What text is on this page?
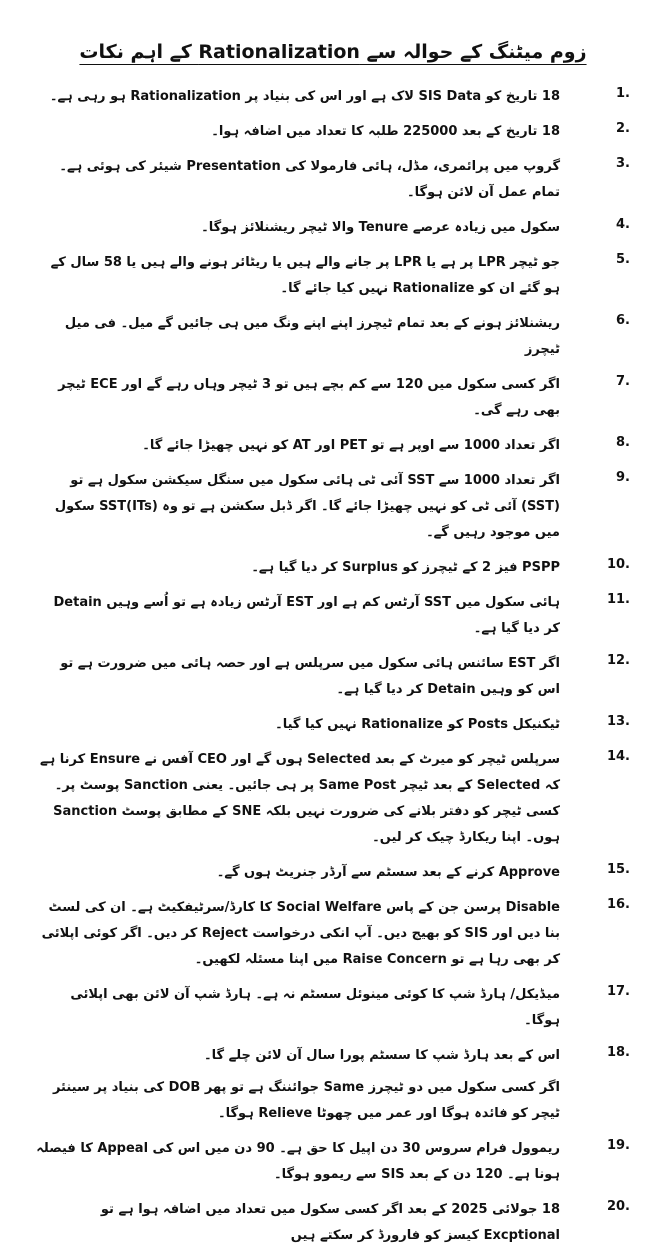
زوم میٹنگ کے حوالہ سے Rationalization کے اہم نکات
1.

18 تاریخ کو SIS Data لاک ہے اور اس کی بنیاد پر Rationalization ہو رہی ہے۔

2.

18 تاریخ کے بعد 225000 طلبہ کا تعداد میں اضافہ ہوا۔

3.

گروپ میں پرائمری، مڈل، ہائی فارمولا کی Presentation شیئر کی ہوئی ہے۔ تمام عمل آن لائن ہوگا۔

4.

سکول میں زیادہ عرصے Tenure والا ٹیچر ریشنلائز ہوگا۔

5.

جو ٹیچر LPR پر ہے یا LPR پر جانے والے ہیں یا ریٹائر ہونے والے ہیں یا 58 سال کے ہو گئے ان کو Rationalize نہیں کیا جائے گا۔

6.

ریشنلائز ہونے کے بعد تمام ٹیچرز اپنے اپنے ونگ میں ہی جائیں گے میل۔ فی میل ٹیچرز

7.

اگر کسی سکول میں 120 سے کم بچے ہیں تو 3 ٹیچر وہاں رہے گے اور ECE ٹیچر بھی رہے گی۔

8.

اگر تعداد 1000 سے اوپر ہے تو PET اور AT کو نہیں چھیڑا جائے گا۔

9.

اگر تعداد 1000 سے SST آئی ٹی ہائی سکول میں سنگل سیکشن سکول ہے تو (SST) آئی ٹی کو نہیں چھیڑا جائے گا۔ اگر ڈبل سکشن ہے تو وہ (SST(ITs سکول میں موجود رہیں گے۔

10.

PSPP فیز 2 کے ٹیچرز کو Surplus کر دیا گیا ہے۔

11.

ہائی سکول میں SST آرٹس کم ہے اور EST آرٹس زیادہ ہے تو اُسے وہیں Detain کر دیا گیا ہے۔

12.

اگر EST سائنس ہائی سکول میں سرپلس ہے اور حصہ ہائی میں ضرورت ہے تو اس کو وہیں Detain کر دیا گیا ہے۔

13.

ٹیکنیکل Posts کو Rationalize نہیں کیا گیا۔

14.

سرپلس ٹیچر کو میرٹ کے بعد Selected ہوں گے اور CEO آفس نے Ensure کرنا ہے کہ Selected کے بعد ٹیچر Same Post پر ہی جائیں۔ یعنی Sanction پوسٹ پر۔ کسی ٹیچر کو دفتر بلانے کی ضرورت نہیں بلکہ SNE کے مطابق پوسٹ Sanction ہوں۔ اپنا ریکارڈ چیک کر لیں۔

15.

Approve کرنے کے بعد سسٹم سے آرڈر جنریٹ ہوں گے۔

16.

Disable پرسن جن کے پاس Social Welfare کا کارڈ/سرٹیفکیٹ ہے۔ ان کی لسٹ بنا دیں اور SIS کو بھیج دیں۔ آپ انکی درخواست Reject کر دیں۔ اگر کوئی اپلائی کر بھی رہا ہے تو Raise Concern میں اپنا مسئلہ لکھیں۔

17.

میڈیکل/ ہارڈ شپ کا کوئی مینوئل سسٹم نہ ہے۔ ہارڈ شپ آن لائن بھی اپلائی ہوگا۔

18.

اس کے بعد ہارڈ شپ کا سسٹم پورا سال آن لائن چلے گا۔

اگر کسی سکول میں دو ٹیچرز Same جوائننگ ہے تو پھر DOB کی بنیاد پر سینئر ٹیچر کو فائدہ ہوگا اور عمر میں چھوٹا Relieve ہوگا۔

19.

ریموول فرام سروس 30 دن اپیل کا حق ہے۔ 90 دن میں اس کی Appeal کا فیصلہ ہونا ہے۔ 120 دن کے بعد SIS سے ریموو ہوگا۔

20.

18 جولائی 2025 کے بعد اگر کسی سکول میں تعداد میں اضافہ ہوا ہے تو Excptional کیسز کو فارورڈ کر سکتے ہیں
